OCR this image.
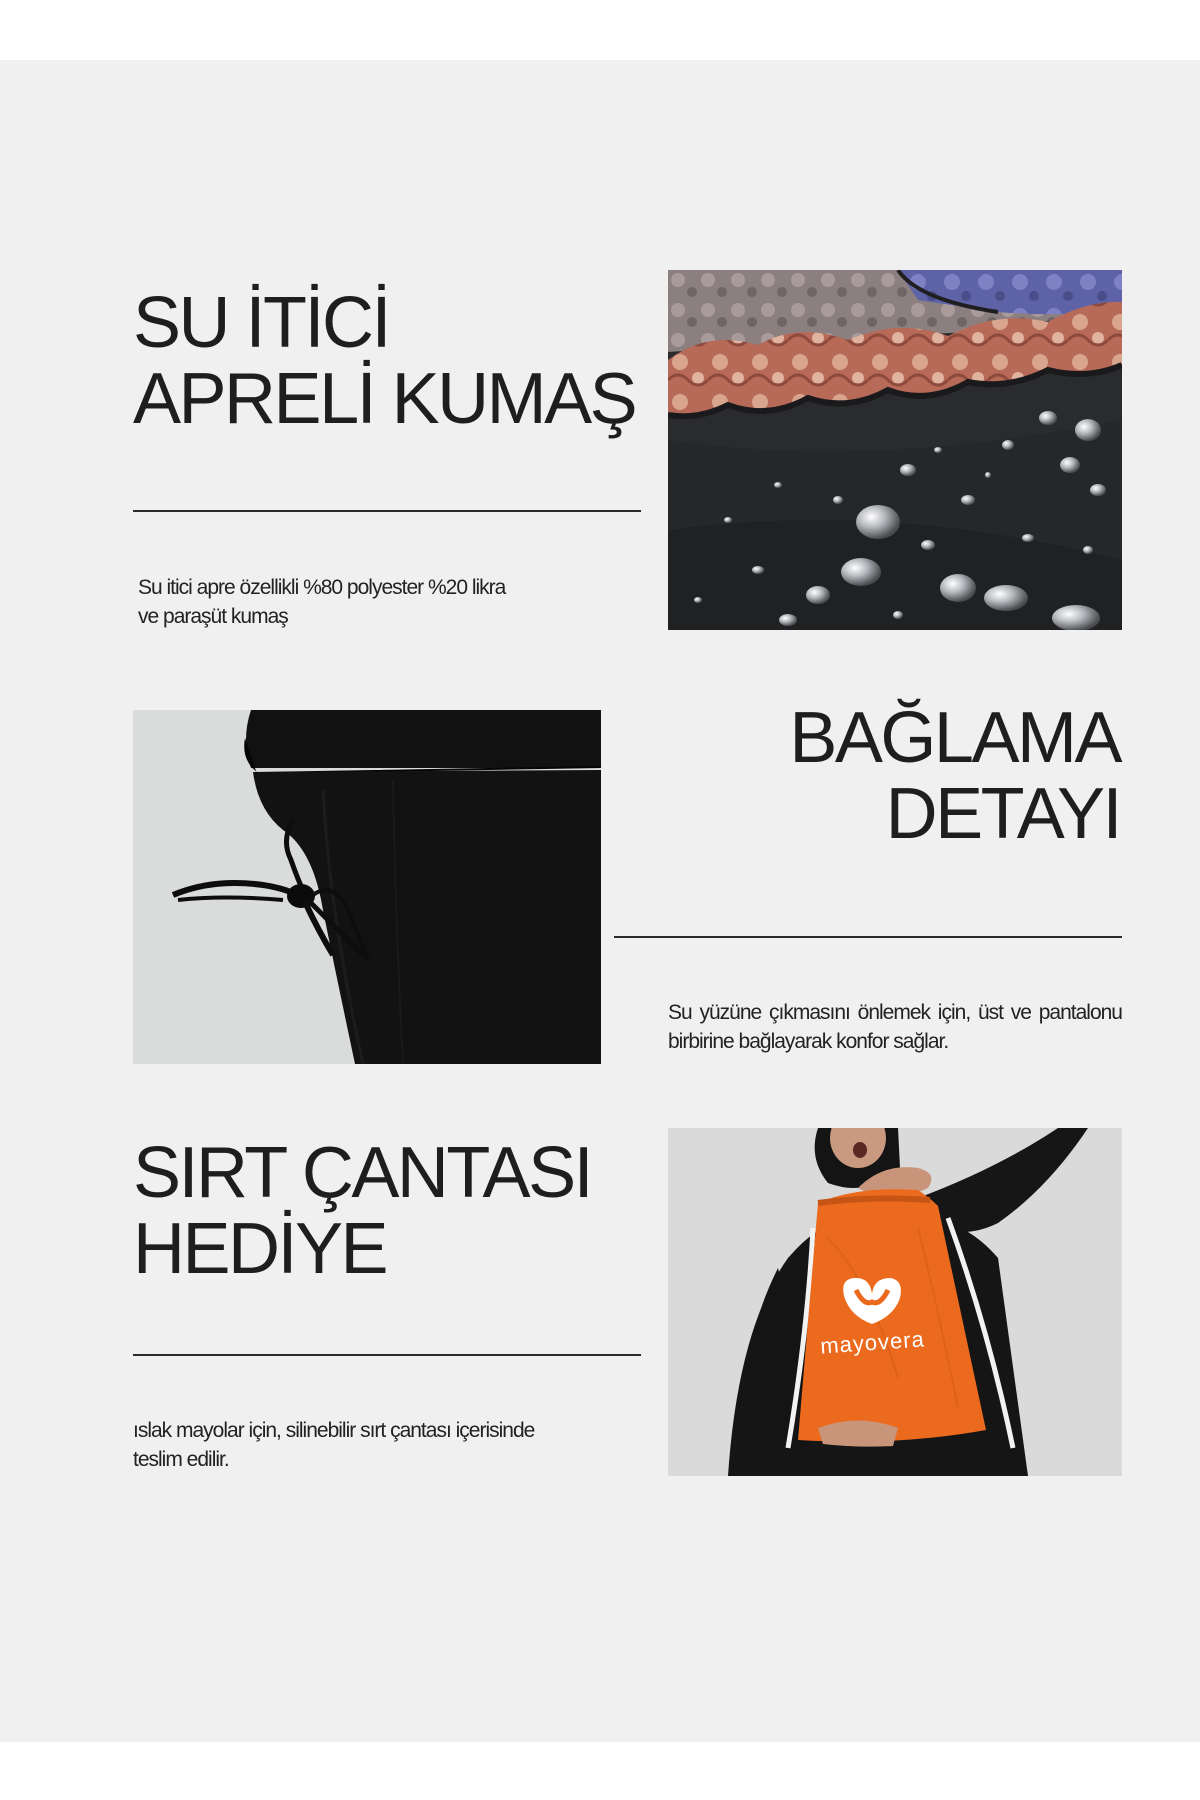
SU İTİCİ
APRELİ KUMAŞ

Su itici apre özellikli %80 polyester %20 likra
ve paraşüt kumaş

BAĞLAMA
DETAYI

Su yüzüne çıkmasını önlemek için, üst ve pantalonu birbirine bağlayarak konfor sağlar.

SIRT ÇANTASI
HEDİYE

ıslak mayolar için, silinebilir sırt çantası içerisinde
teslim edilir.

mayovera
